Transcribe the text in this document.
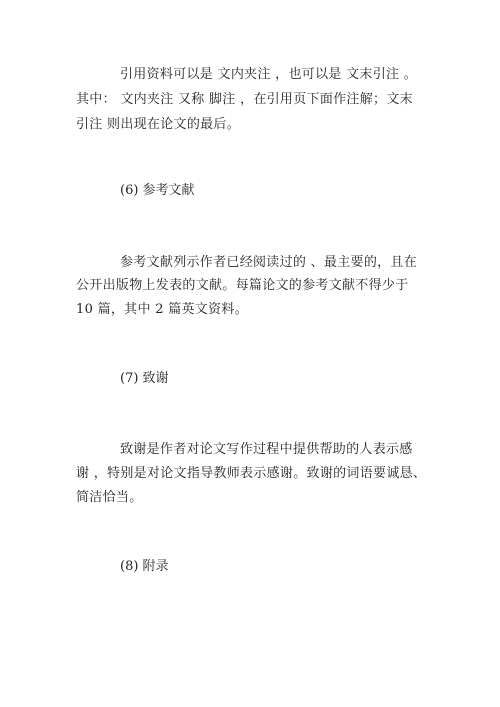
引用资料可以是 文内夹注 ，也可以是 文末引注 。
其中： 文内夹注 又称 脚注 ，在引用页下面作注解；文末
引注 则出现在论文的最后。
(6) 参考文献
参考文献列示作者已经阅读过的 、最主要的，且在
公开出版物上发表的文献。每篇论文的参考文献不得少于
10 篇，其中 2 篇英文资料。
(7) 致谢
致谢是作者对论文写作过程中提供帮助的人表示感
谢 ，特别是对论文指导教师表示感谢。致谢的词语要诚恳、
简洁恰当。
(8) 附录
